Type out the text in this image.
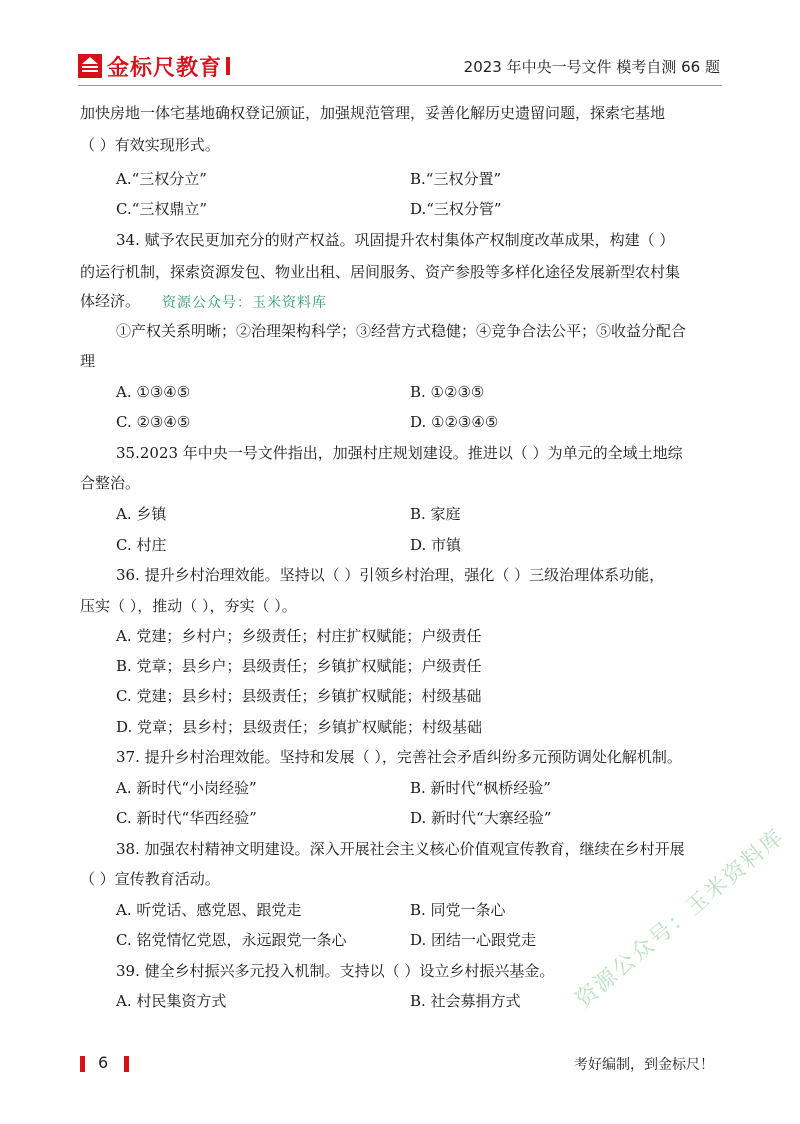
金标尺教育	2023 年中央一号文件 模考自测 66 题
加快房地一体宅基地确权登记颁证，加强规范管理，妥善化解历史遗留问题，探索宅基地
（ ）有效实现形式。
A.“三权分立”	B.“三权分置”
C.“三权鼎立”	D.“三权分管”
34. 赋予农民更加充分的财产权益。巩固提升农村集体产权制度改革成果，构建（ ）
的运行机制，探索资源发包、物业出租、居间服务、资产参股等多样化途径发展新型农村集
体经济。 资源公众号：玉米资料库
①产权关系明晰；②治理架构科学；③经营方式稳健；④竞争合法公平；⑤收益分配合
理
A. ①③④⑤	B. ①②③⑤
C. ②③④⑤	D. ①②③④⑤
35.2023 年中央一号文件指出，加强村庄规划建设。推进以（ ）为单元的全域土地综
合整治。
A. 乡镇	B. 家庭
C. 村庄	D. 市镇
36. 提升乡村治理效能。坚持以（ ）引领乡村治理，强化（ ）三级治理体系功能，
压实（ ），推动（ ），夯实（ ）。
A. 党建；乡村户；乡级责任；村庄扩权赋能；户级责任
B. 党章；县乡户；县级责任；乡镇扩权赋能；户级责任
C. 党建；县乡村；县级责任；乡镇扩权赋能；村级基础
D. 党章；县乡村；县级责任；乡镇扩权赋能；村级基础
37. 提升乡村治理效能。坚持和发展（ ），完善社会矛盾纠纷多元预防调处化解机制。
A. 新时代“小岗经验”	B. 新时代“枫桥经验”
C. 新时代“华西经验”	D. 新时代“大寨经验”
38. 加强农村精神文明建设。深入开展社会主义核心价值观宣传教育，继续在乡村开展
（ ）宣传教育活动。
A. 听党话、感党恩、跟党走	B. 同党一条心
C. 铭党情忆党恩，永远跟党一条心	D. 团结一心跟党走
39. 健全乡村振兴多元投入机制。支持以（ ）设立乡村振兴基金。
A. 村民集资方式	B. 社会募捐方式 资源公众号：玉米资料库
6	考好编制，到金标尺！
